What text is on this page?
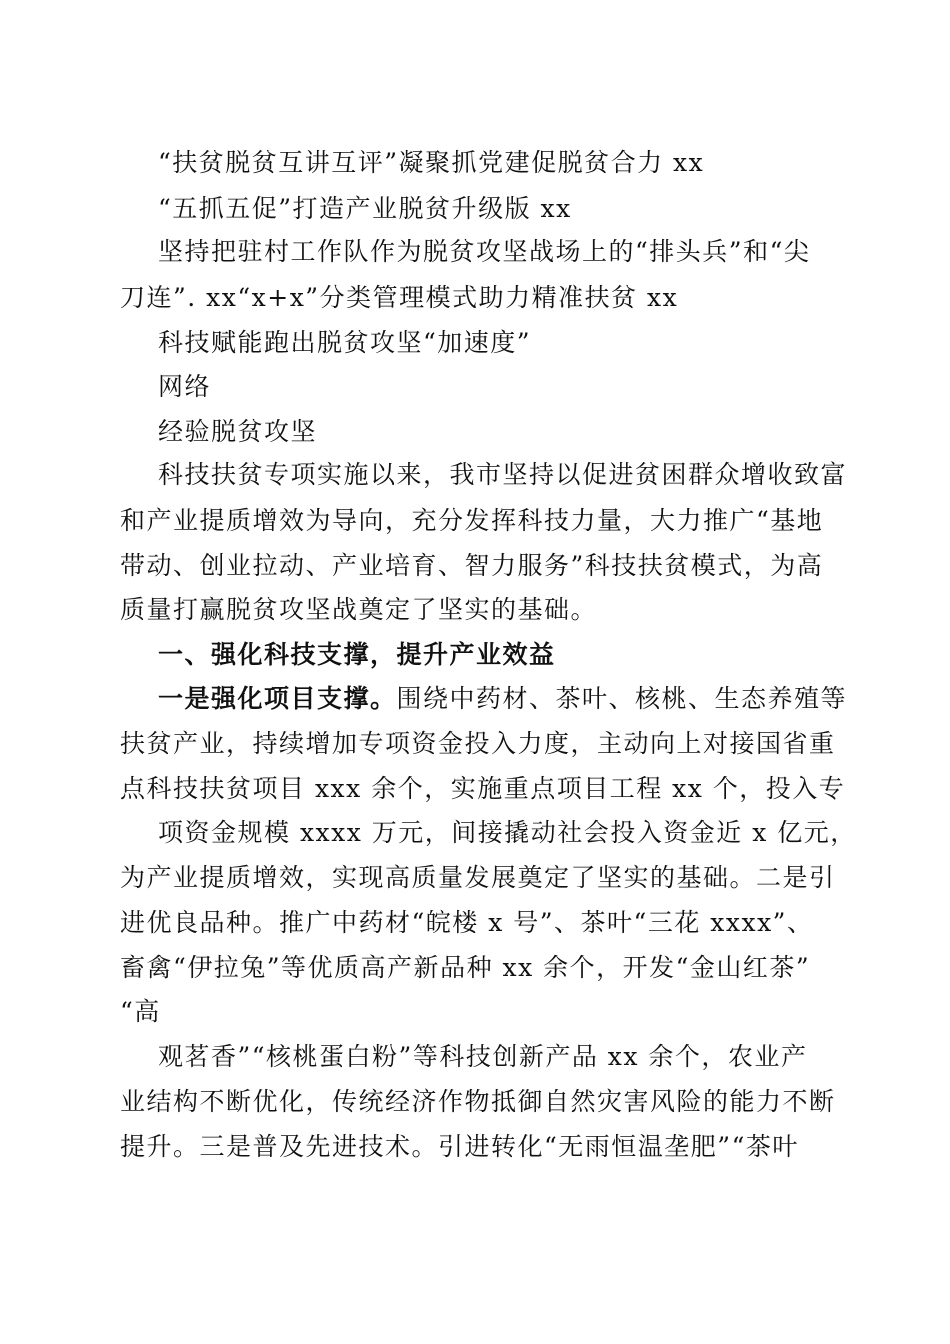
“扶贫脱贫互讲互评”凝聚抓党建促脱贫合力 xx
“五抓五促”打造产业脱贫升级版 xx
坚持把驻村工作队作为脱贫攻坚战场上的“排头兵”和“尖
刀连”. xx“x+x”分类管理模式助力精准扶贫 xx
科技赋能跑出脱贫攻坚“加速度”
网络
经验脱贫攻坚
科技扶贫专项实施以来，我市坚持以促进贫困群众增收致富
和产业提质增效为导向，充分发挥科技力量，大力推广“基地
带动、创业拉动、产业培育、智力服务”科技扶贫模式，为高
质量打赢脱贫攻坚战奠定了坚实的基础。
一、强化科技支撑，提升产业效益
一是强化项目支撑。围绕中药材、茶叶、核桃、生态养殖等
扶贫产业，持续增加专项资金投入力度，主动向上对接国省重
点科技扶贫项目 xxx 余个，实施重点项目工程 xx 个，投入专
项资金规模 xxxx 万元，间接撬动社会投入资金近 x 亿元，
为产业提质增效，实现高质量发展奠定了坚实的基础。二是引
进优良品种。推广中药材“皖楼 x 号”、茶叶“三花 xxxx”、
畜禽“伊拉兔”等优质高产新品种 xx 余个，开发“金山红茶”
“高
观茗香”“核桃蛋白粉”等科技创新产品 xx 余个，农业产
业结构不断优化，传统经济作物抵御自然灾害风险的能力不断
提升。三是普及先进技术。引进转化“无雨恒温垄肥”“茶叶
